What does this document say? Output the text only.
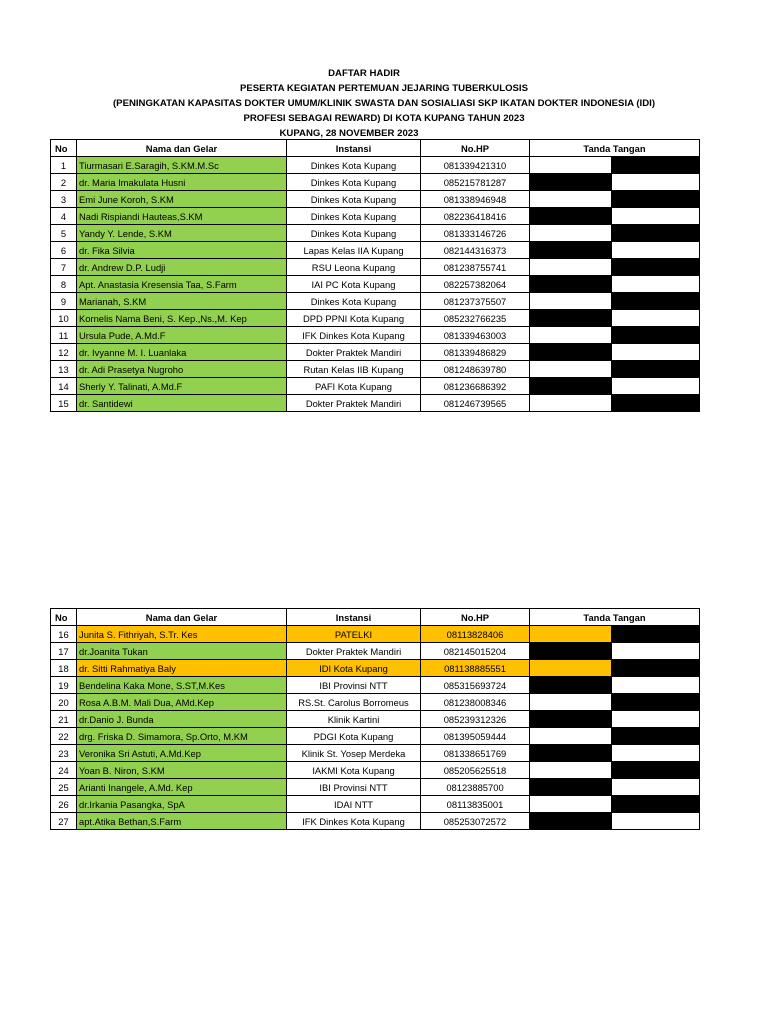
DAFTAR HADIR
PESERTA KEGIATAN PERTEMUAN JEJARING TUBERKULOSIS
(PENINGKATAN KAPASITAS DOKTER UMUM/KLINIK SWASTA DAN SOSIALIASI SKP IKATAN DOKTER INDONESIA (IDI)
PROFESI SEBAGAI REWARD) DI KOTA KUPANG TAHUN 2023
KUPANG, 28 NOVEMBER 2023
No	Nama dan Gelar	Instansi	No.HP	Tanda Tangan	
1	Tiurmasari E.Saragih, S.KM.M.Sc	Dinkes Kota Kupang	081339421310		
2	dr. Maria Imakulata Husni	Dinkes Kota Kupang	085215781287		
3	Emi June Koroh, S.KM	Dinkes Kota Kupang	081338946948		
4	Nadi Rispiandi Hauteas,S.KM	Dinkes Kota Kupang	082236418416		
5	Yandy Y. Lende, S.KM	Dinkes Kota Kupang	081333146726		
6	dr. Fika Silvia	Lapas Kelas IIA Kupang	082144316373		
7	dr. Andrew D.P. Ludji	RSU Leona Kupang	081238755741		
8	Apt. Anastasia Kresensia Taa, S.Farm	IAI PC Kota Kupang	082257382064		
9	Marianah, S.KM	Dinkes Kota Kupang	081237375507		
10	Kornelis Nama Beni, S. Kep.,Ns.,M. Kep	DPD PPNI Kota Kupang	085232766235		
11	Ursula Pude, A.Md.F	IFK Dinkes Kota Kupang	081339463003		
12	dr. Ivyanne M. I. Luanlaka	Dokter Praktek Mandiri	081339486829		
13	dr. Adi Prasetya Nugroho	Rutan Kelas IIB Kupang	081248639780		
14	Sherly Y. Talinati, A.Md.F	PAFI Kota Kupang	081236686392		
15	dr. Santidewi	Dokter Praktek Mandiri	081246739565		
No	Nama dan Gelar	Instansi	No.HP	Tanda Tangan	
16	Junita S. Fithriyah, S.Tr. Kes	PATELKI	08113828406		
17	dr.Joanita Tukan	Dokter Praktek Mandiri	082145015204		
18	dr. Sitti Rahmatiya Baly	IDI Kota Kupang	081138885551		
19	Bendelina Kaka Mone, S.ST,M.Kes	IBI Provinsi NTT	085315693724		
20	Rosa A.B.M. Mali Dua, AMd.Kep	RS.St. Carolus Borromeus	081238008346		
21	dr.Danio J. Bunda	Klinik Kartini	085239312326		
22	drg. Friska D. Simamora, Sp.Orto, M.KM	PDGI Kota Kupang	081395059444		
23	Veronika Sri Astuti, A.Md.Kep	Klinik St. Yosep Merdeka	081338651769		
24	Yoan B. Niron, S.KM	IAKMI Kota Kupang	085205625518		
25	Arianti Inangele, A.Md. Kep	IBI Provinsi NTT	08123885700		
26	dr.Irkania Pasangka, SpA	IDAI NTT	08113835001		
27	apt.Atika Bethan,S.Farm	IFK Dinkes Kota Kupang	085253072572		
